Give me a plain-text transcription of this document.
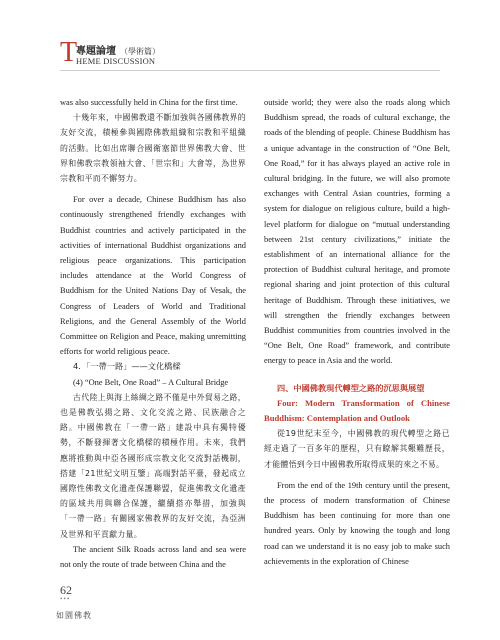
T
專題論壇 （學術篇）
HEME DISCUSSION

was also successfully held in China for the first time.

十幾年來，中國佛教還不斷加強與各國佛教界的友好交流，積極參與國際佛教組織和宗教和平組織的活動。比如出席聯合國衛塞節世界佛教大會、世界和佛教宗教領袖大會、「世宗和」大會等，為世界宗教和平而不懈努力。

For over a decade, Chinese Buddhism has also continuously strengthened friendly exchanges with Buddhist countries and actively participated in the activities of international Buddhist organizations and religious peace organizations. This participation includes attendance at the World Congress of Buddhism for the United Nations Day of Vesak, the Congress of Leaders of World and Traditional Religions, and the General Assembly of the World Committee on Religion and Peace, making unremitting efforts for world religious peace.

4．「一帶一路」——文化橋樑

(4) “One Belt, One Road” – A Cultural Bridge

古代陸上與海上絲綢之路不僅是中外貿易之路，也是佛教弘揚之路、文化交流之路、民族融合之路。中國佛教在「一帶一路」建設中具有獨特優勢，不斷發揮著文化橋樑的積極作用。未來，我們應將推動與中亞各國形成宗教文化交流對話機制，搭建「21世紀文明互鑒」高端對話平臺，發起成立國際性佛教文化遺產保護聯盟，促進佛教文化遺產的區域共用與聯合保護，繼續搭亦舉措，加強與「一帶一路」有關國家佛教界的友好交流，為亞洲及世界和平貢獻力量。

The ancient Silk Roads across land and sea were not only the route of trade between China and the

outside world; they were also the roads along which Buddhism spread, the roads of cultural exchange, the roads of the blending of people. Chinese Buddhism has a unique advantage in the construction of “One Belt, One Road,” for it has always played an active role in cultural bridging. In the future, we will also promote exchanges with Central Asian countries, forming a system for dialogue on religious culture, build a high-level platform for dialogue on “mutual understanding between 21st century civilizations,” initiate the establishment of an international alliance for the protection of Buddhist cultural heritage, and promote regional sharing and joint protection of this cultural heritage of Buddhism. Through these initiatives, we will strengthen the friendly exchanges between Buddhist communities from countries involved in the “One Belt, One Road” framework, and contribute energy to peace in Asia and the world.

四、中國佛教現代轉型之路的沉思與展望

Four: Modern Transformation of Chinese Buddhism: Contemplation and Outlook

從19世紀末至今，中國佛教的現代轉型之路已經走過了一百多年的歷程，只有瞭解其艱難歷長，才能體悟到今日中國佛教所取得成果的來之不易。

From the end of the 19th century until the present, the process of modern transformation of Chinese Buddhism has been continuing for more than one hundred years. Only by knowing the tough and long road can we understand it is no easy job to make such achievements in the exploration of Chinese

62
•••
如園佛教
